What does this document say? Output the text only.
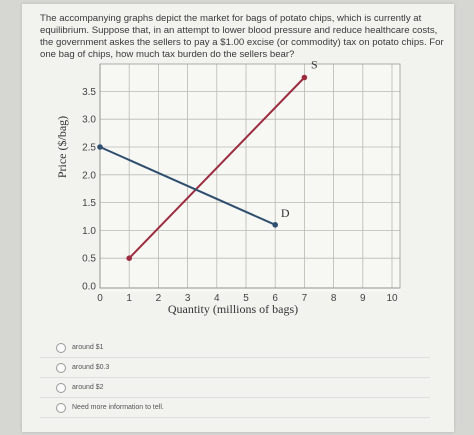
The accompanying graphs depict the market for bags of potato chips, which is currently at equilibrium. Suppose that, in an attempt to lower blood pressure and reduce healthcare costs, the government askes the sellers to pay a $1.00 excise (or commodity) tax on potato chips. For one bag of chips, how much tax burden do the sellers bear?

S
D
0 1 2 3 4 5 6 7 8 9 10
0.0
0.5
1.0
1.5
2.0
2.5
3.0
3.5
Quantity (millions of bags)
Price ($/bag)
around $1
around $0.3
around $2
Need more information to tell.
